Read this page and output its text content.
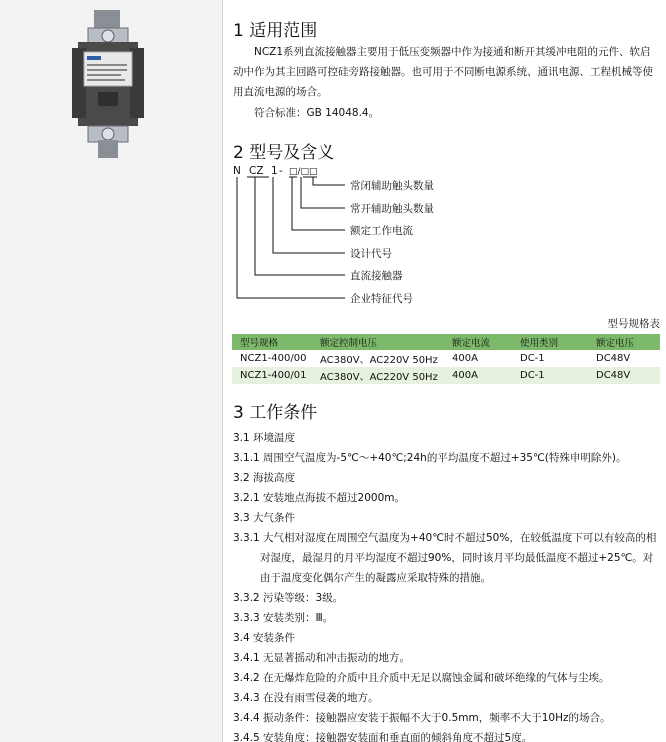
1 适用范围
NCZ1系列直流接触器主要用于低压变频器中作为接通和断开其缓冲电阻的元件、软启动中作为其主回路可控硅旁路接触器。也可用于不同断电源系统、通讯电源、工程机械等使用直流电源的场合。
符合标准：GB 14048.4。
2 型号及含义
N CZ 1 - □/□□
常闭辅助触头数量
常开辅助触头数量
额定工作电流
设计代号
直流接触器
企业特征代号
型号规格表
型号规格	额定控制电压	额定电流	使用类别	额定电压
NCZ1-400/00	AC380V、AC220V 50Hz	400A	DC-1	DC48V
NCZ1-400/01	AC380V、AC220V 50Hz	400A	DC-1	DC48V
3 工作条件
3.1 环境温度
3.1.1 周围空气温度为-5℃～+40℃;24h的平均温度不超过+35℃(特殊申明除外)。
3.2 海拔高度
3.2.1 安装地点海拔不超过2000m。
3.3 大气条件
3.3.1 大气相对湿度在周围空气温度为+40℃时不超过50%，在较低温度下可以有较高的相对湿度，最湿月的月平均湿度不超过90%，同时该月平均最低温度不超过+25℃。对由于温度变化偶尔产生的凝露应采取特殊的措施。
3.3.2 污染等级：3级。
3.3.3 安装类别：Ⅲ。
3.4 安装条件
3.4.1 无显著摇动和冲击振动的地方。
3.4.2 在无爆炸危险的介质中且介质中无足以腐蚀金属和破坏绝缘的气体与尘埃。
3.4.3 在没有雨雪侵袭的地方。
3.4.4 振动条件：接触器应安装于振幅不大于0.5mm，频率不大于10Hz的场合。
3.4.5 安装角度：接触器安装面和垂直面的倾斜角度不超过5度。
